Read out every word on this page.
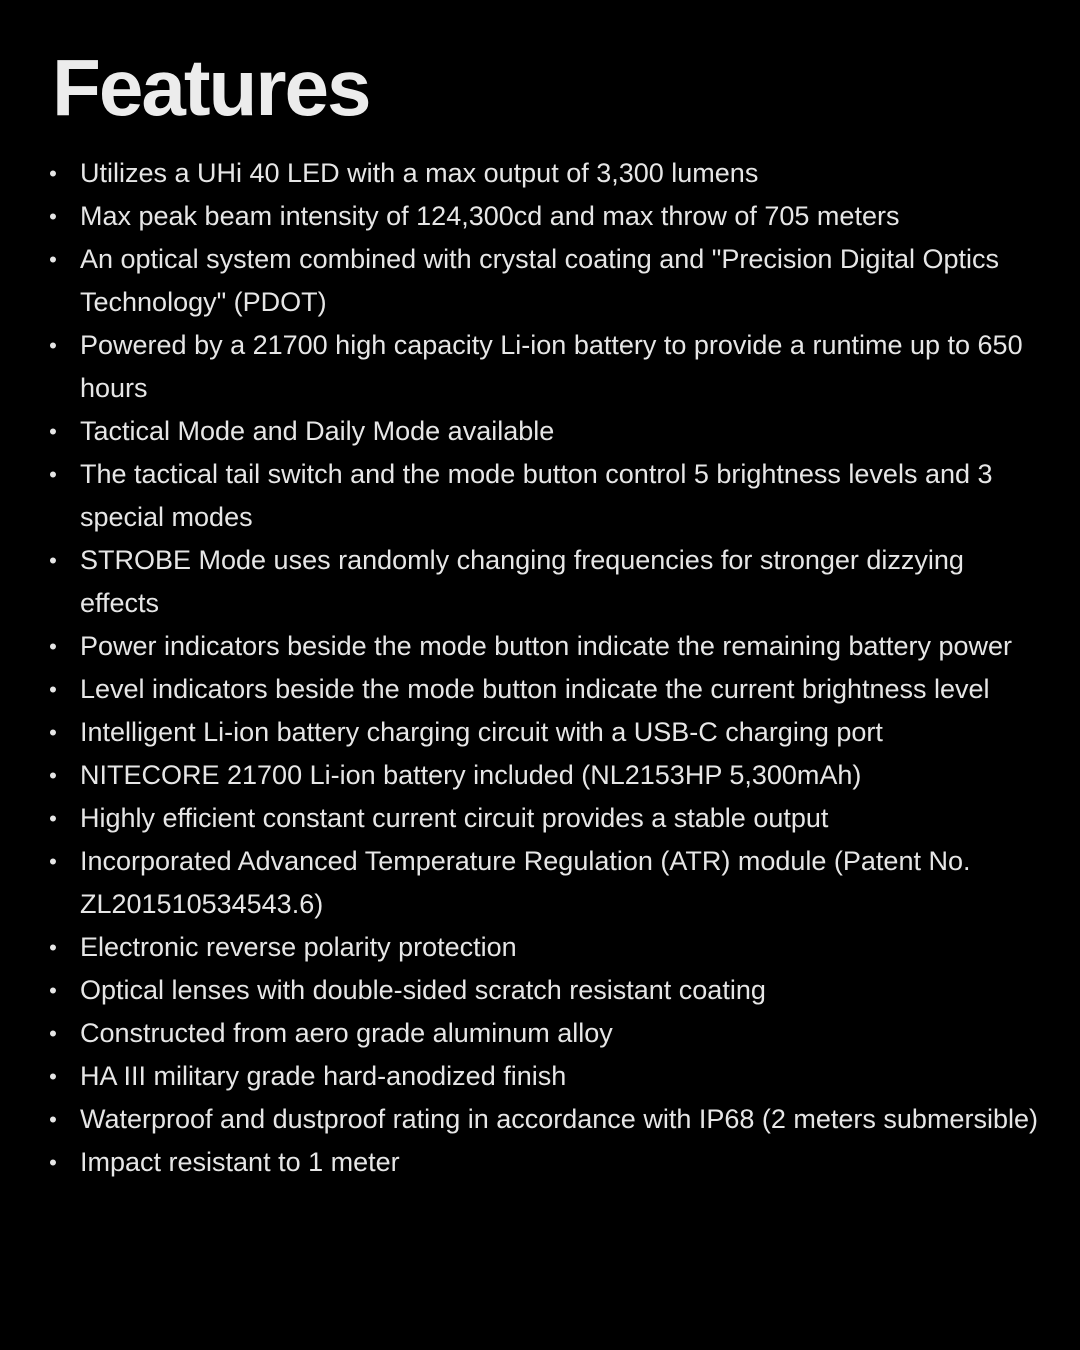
Features
• Utilizes a UHi 40 LED with a max output of 3,300 lumens
• Max peak beam intensity of 124,300cd and max throw of 705 meters
• An optical system combined with crystal coating and "Precision Digital Optics Technology" (PDOT)
• Powered by a 21700 high capacity Li-ion battery to provide a runtime up to 650 hours
• Tactical Mode and Daily Mode available
• The tactical tail switch and the mode button control 5 brightness levels and 3 special modes
• STROBE Mode uses randomly changing frequencies for stronger dizzying effects
• Power indicators beside the mode button indicate the remaining battery power
• Level indicators beside the mode button indicate the current brightness level
• Intelligent Li-ion battery charging circuit with a USB-C charging port
• NITECORE 21700 Li-ion battery included (NL2153HP 5,300mAh)
• Highly efficient constant current circuit provides a stable output
• Incorporated Advanced Temperature Regulation (ATR) module (Patent No. ZL201510534543.6)
• Electronic reverse polarity protection
• Optical lenses with double-sided scratch resistant coating
• Constructed from aero grade aluminum alloy
• HA III military grade hard-anodized finish
• Waterproof and dustproof rating in accordance with IP68 (2 meters submersible)
• Impact resistant to 1 meter
